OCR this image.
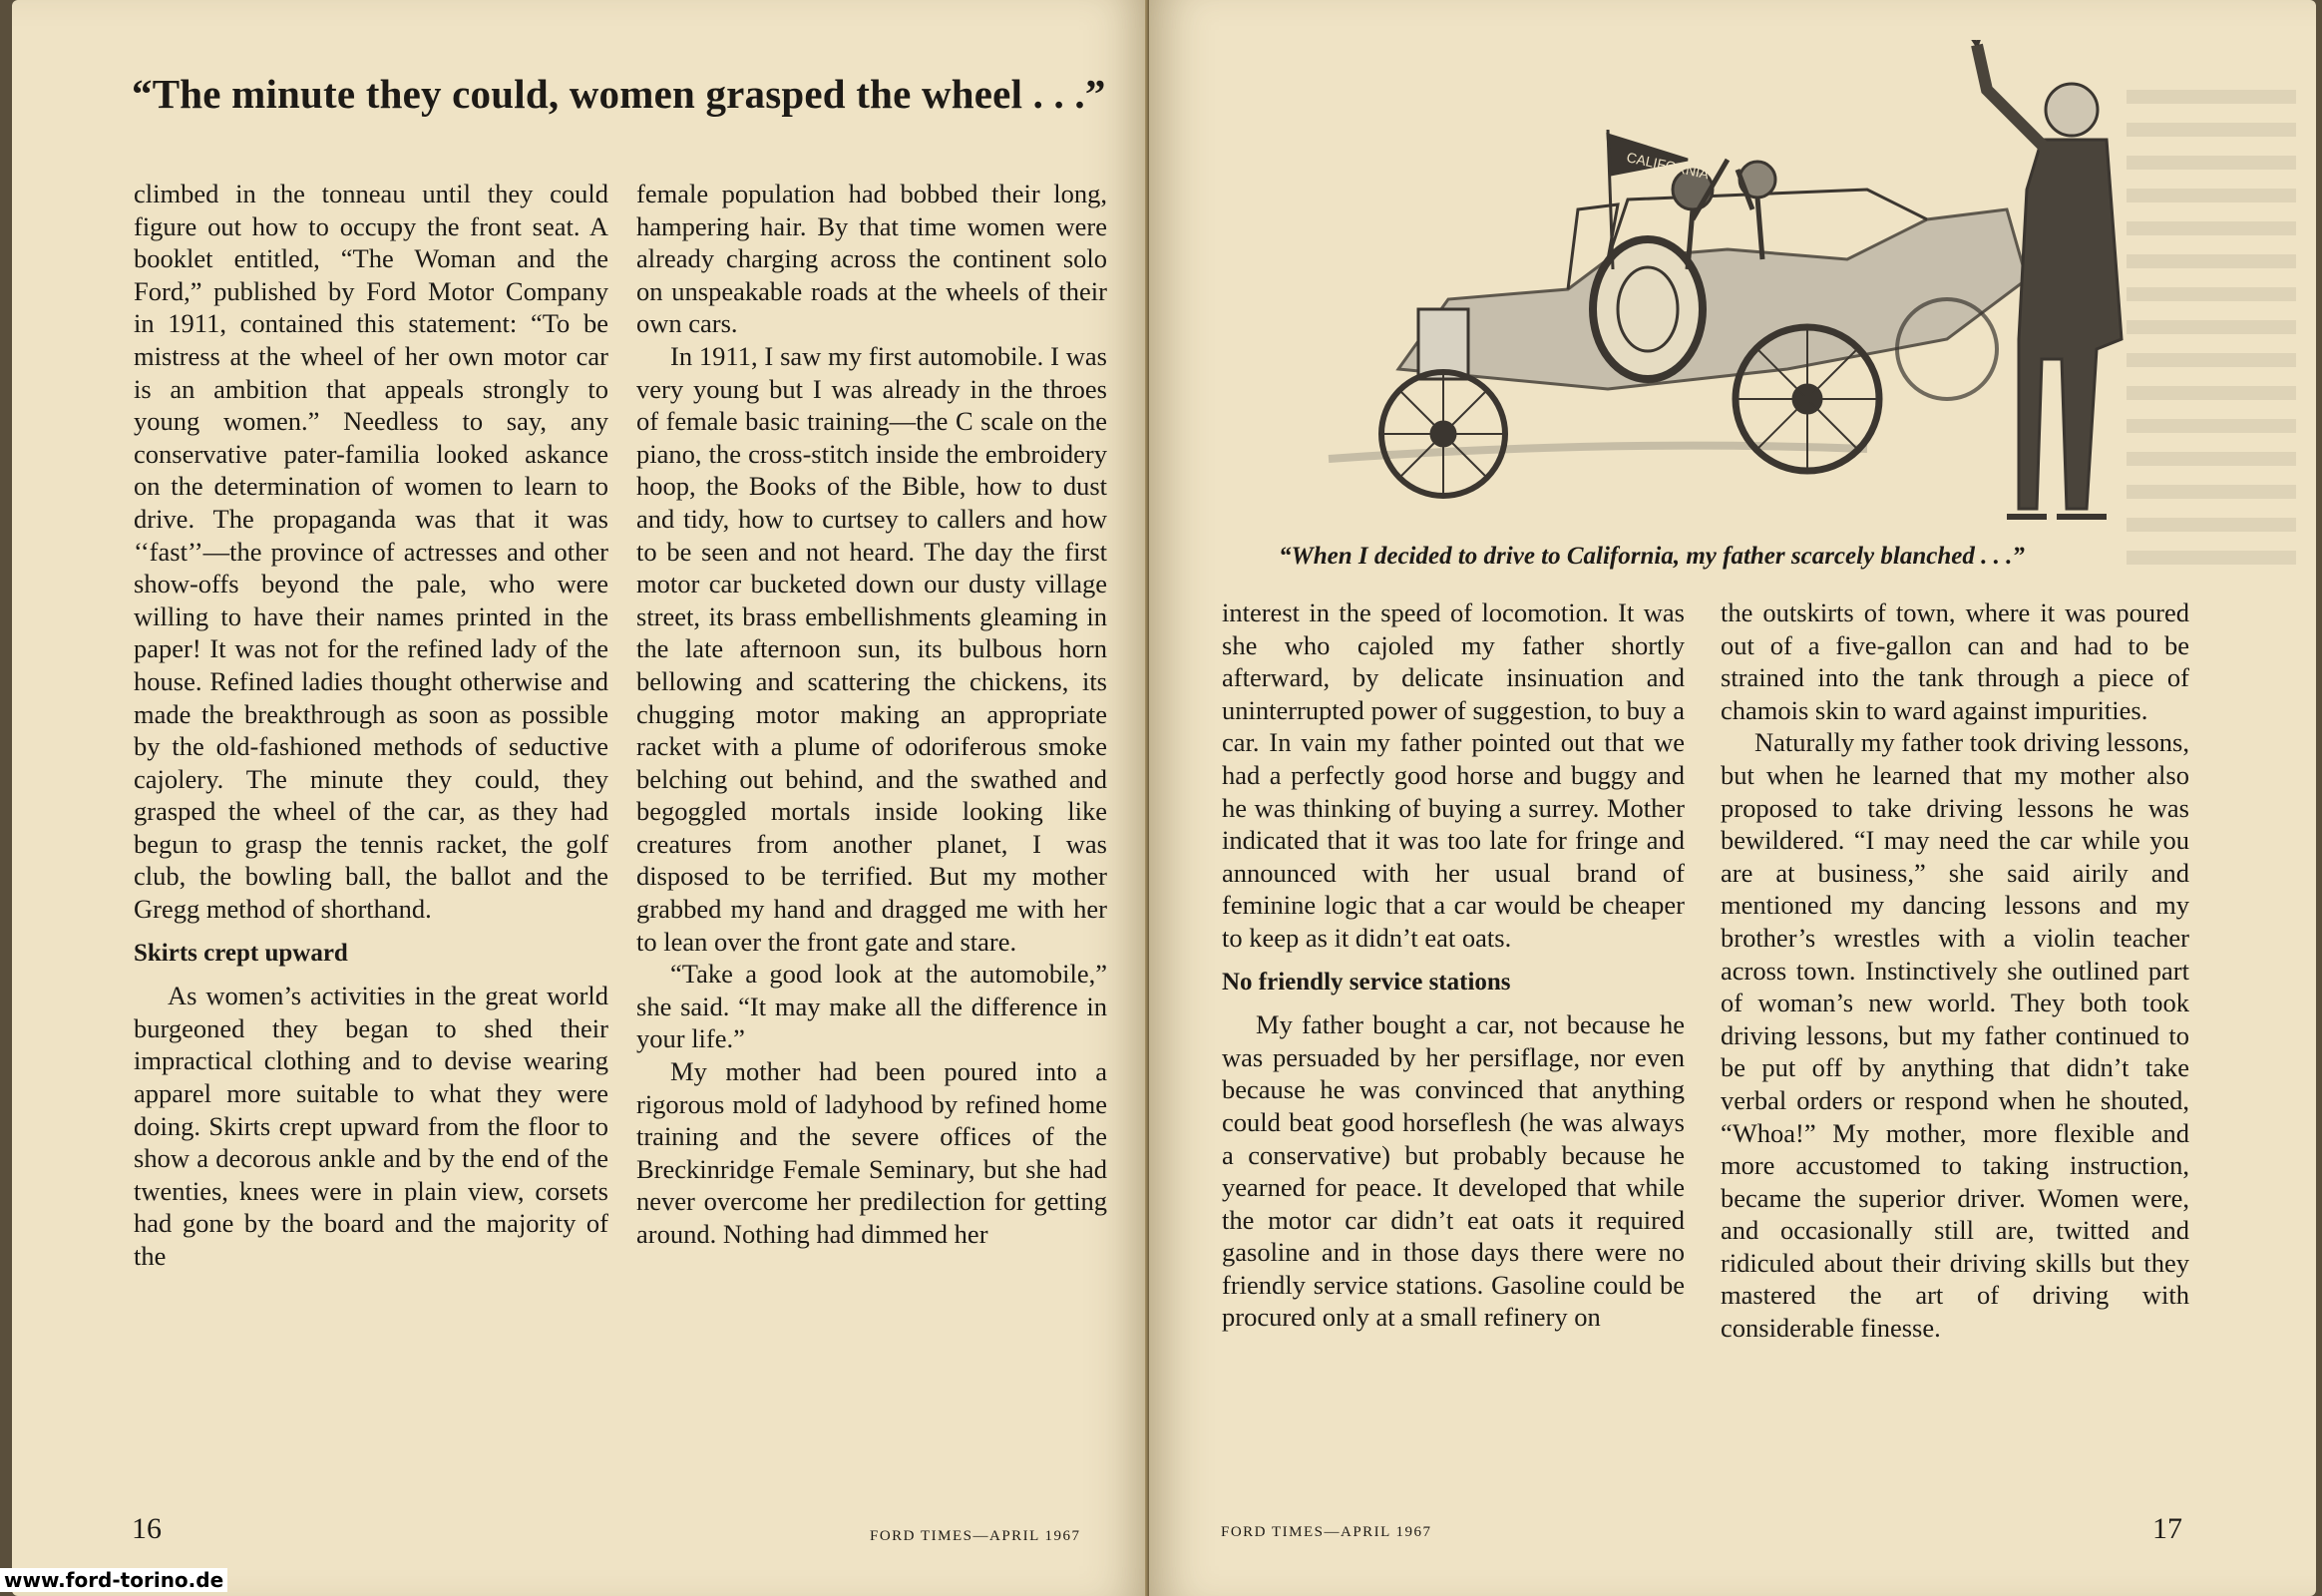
“The minute they could, women grasped the wheel . . .”

climbed in the tonneau until they could figure out how to occupy the front seat. A booklet entitled, “The Woman and the Ford,” published by Ford Motor Company in 1911, contained this statement: “To be mistress at the wheel of her own motor car is an ambition that appeals strongly to young women.” Needless to say, any conservative pater-familia looked askance on the determination of women to learn to drive. The propaganda was that it was ‘‘fast’’—the province of actresses and other show-offs beyond the pale, who were willing to have their names printed in the paper! It was not for the refined lady of the house. Refined ladies thought otherwise and made the breakthrough as soon as possible by the old-fashioned methods of seductive cajolery. The minute they could, they grasped the wheel of the car, as they had begun to grasp the tennis racket, the golf club, the bowling ball, the ballot and the Gregg method of shorthand.

Skirts crept upward

As women’s activities in the great world burgeoned they began to shed their impractical clothing and to devise wearing apparel more suitable to what they were doing. Skirts crept upward from the floor to show a decorous ankle and by the end of the twenties, knees were in plain view, corsets had gone by the board and the majority of the

female population had bobbed their long, hampering hair. By that time women were already charging across the continent solo on unspeakable roads at the wheels of their own cars.

In 1911, I saw my first automobile. I was very young but I was already in the throes of female basic training—the C scale on the piano, the cross-stitch inside the embroidery hoop, the Books of the Bible, how to dust and tidy, how to curtsey to callers and how to be seen and not heard. The day the first motor car bucketed down our dusty village street, its brass embellishments gleaming in the late afternoon sun, its bulbous horn bellowing and scattering the chickens, its chugging motor making an appropriate racket with a plume of odoriferous smoke belching out behind, and the swathed and begoggled mortals inside looking like creatures from another planet, I was disposed to be terrified. But my mother grabbed my hand and dragged me with her to lean over the front gate and stare.

“Take a good look at the automobile,” she said. “It may make all the difference in your life.”

My mother had been poured into a rigorous mold of ladyhood by refined home training and the severe offices of the Breckinridge Female Seminary, but she had never overcome her predilection for getting around. Nothing had dimmed her

16	FORD TIMES—APRIL 1967
CALIFORNIA
“When I decided to drive to California, my father scarcely blanched . . .”

interest in the speed of locomotion. It was she who cajoled my father shortly afterward, by delicate insinuation and uninterrupted power of suggestion, to buy a car. In vain my father pointed out that we had a perfectly good horse and buggy and he was thinking of buying a surrey. Mother indicated that it was too late for fringe and announced with her usual brand of feminine logic that a car would be cheaper to keep as it didn’t eat oats.

No friendly service stations

My father bought a car, not because he was persuaded by her persiflage, nor even because he was convinced that anything could beat good horseflesh (he was always a conservative) but probably because he yearned for peace. It developed that while the motor car didn’t eat oats it required gasoline and in those days there were no friendly service stations. Gasoline could be procured only at a small refinery on

the outskirts of town, where it was poured out of a five-gallon can and had to be strained into the tank through a piece of chamois skin to ward against impurities.

Naturally my father took driving lessons, but when he learned that my mother also proposed to take driving lessons he was bewildered. “I may need the car while you are at business,” she said airily and mentioned my dancing lessons and my brother’s wrestles with a violin teacher across town. Instinctively she outlined part of woman’s new world. They both took driving lessons, but my father continued to be put off by anything that didn’t take verbal orders or respond when he shouted, “Whoa!” My mother, more flexible and more accustomed to taking instruction, became the superior driver. Women were, and occasionally still are, twitted and ridiculed about their driving skills but they mastered the art of driving with considerable finesse.

FORD TIMES—APRIL 1967	17
www.ford-torino.de
